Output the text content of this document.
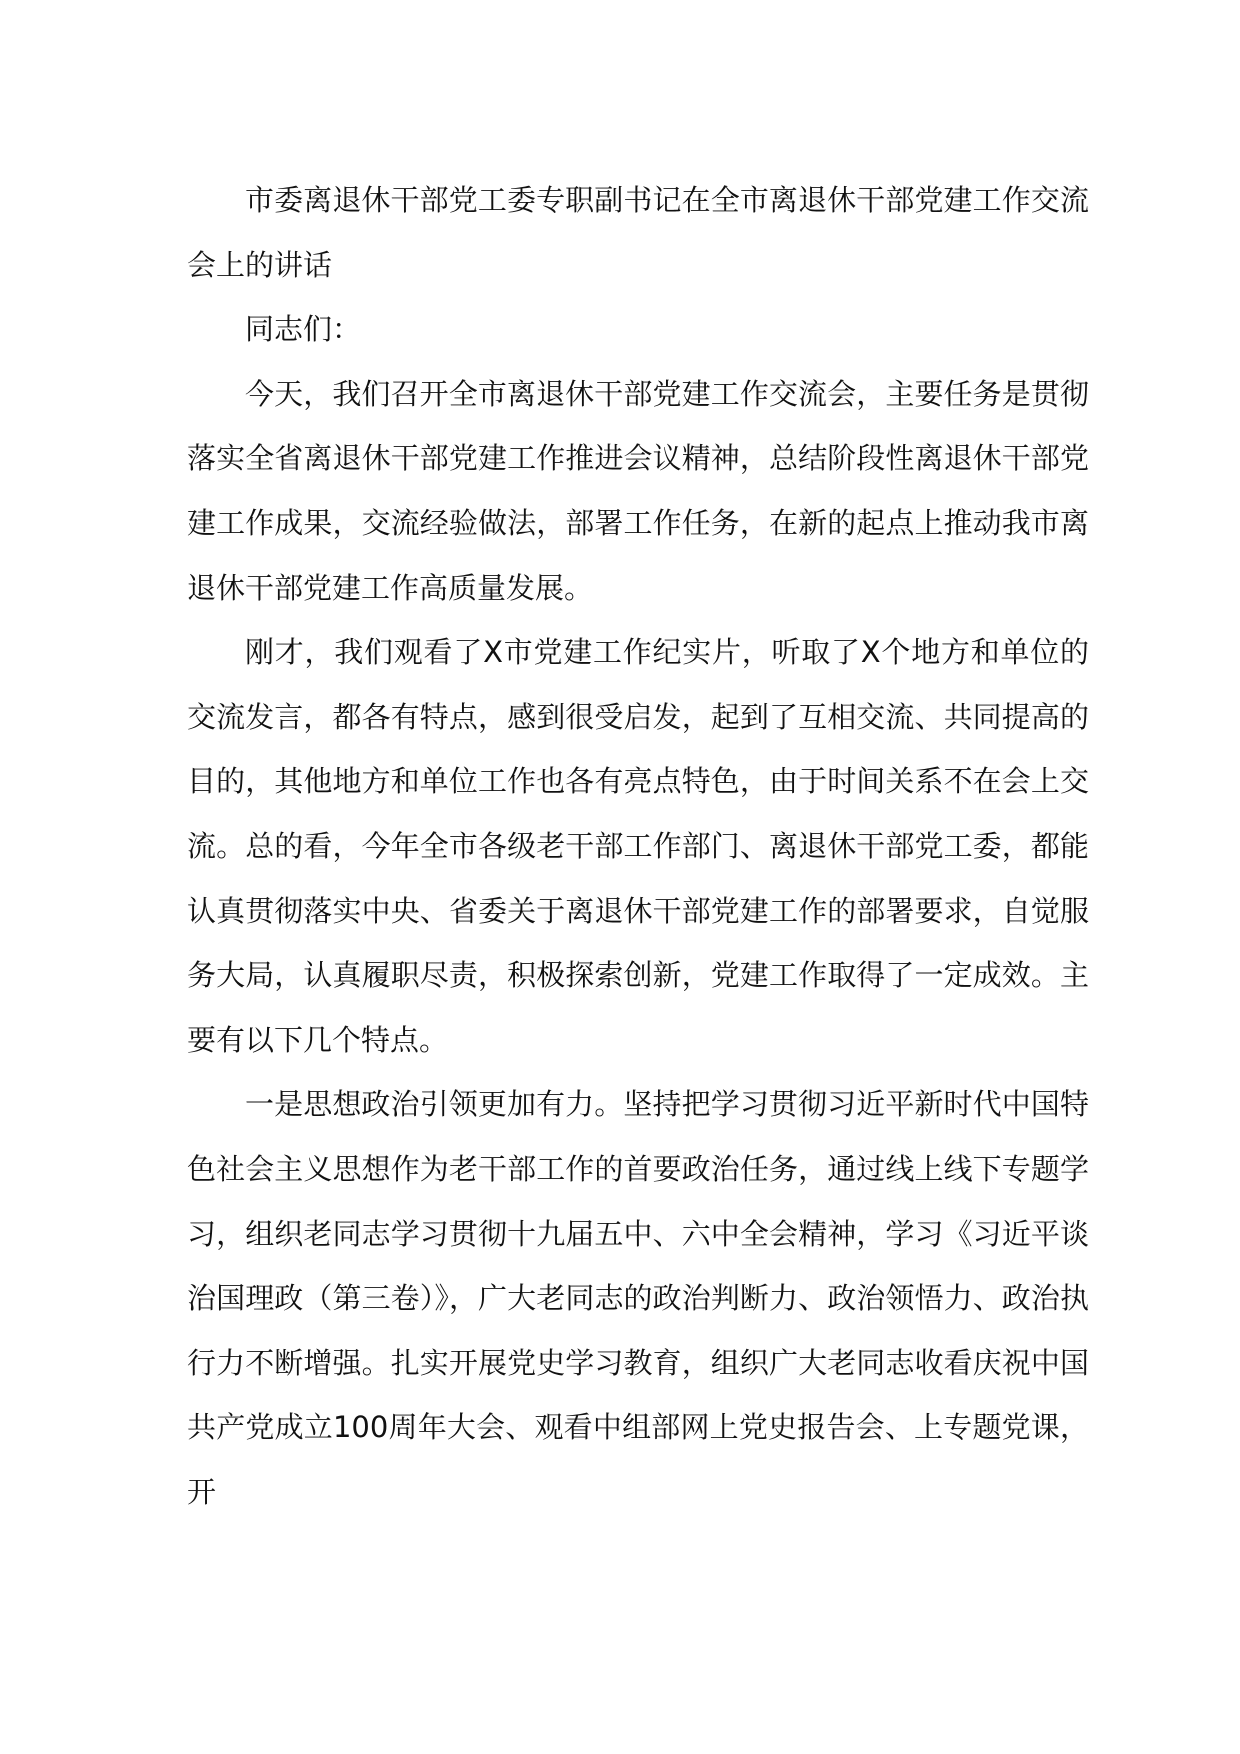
市委离退休干部党工委专职副书记在全市离退休干部党建工作交流会上的讲话

同志们：

今天，我们召开全市离退休干部党建工作交流会，主要任务是贯彻落实全省离退休干部党建工作推进会议精神，总结阶段性离退休干部党建工作成果，交流经验做法，部署工作任务，在新的起点上推动我市离退休干部党建工作高质量发展。

刚才，我们观看了X市党建工作纪实片，听取了X个地方和单位的交流发言，都各有特点，感到很受启发，起到了互相交流、共同提高的目的，其他地方和单位工作也各有亮点特色，由于时间关系不在会上交流。总的看，今年全市各级老干部工作部门、离退休干部党工委，都能认真贯彻落实中央、省委关于离退休干部党建工作的部署要求，自觉服务大局，认真履职尽责，积极探索创新，党建工作取得了一定成效。主要有以下几个特点。

一是思想政治引领更加有力。坚持把学习贯彻习近平新时代中国特色社会主义思想作为老干部工作的首要政治任务，通过线上线下专题学习，组织老同志学习贯彻十九届五中、六中全会精神，学习《习近平谈治国理政（第三卷）》，广大老同志的政治判断力、政治领悟力、政治执行力不断增强。扎实开展党史学习教育，组织广大老同志收看庆祝中国共产党成立100周年大会、观看中组部网上党史报告会、上专题党课，开
